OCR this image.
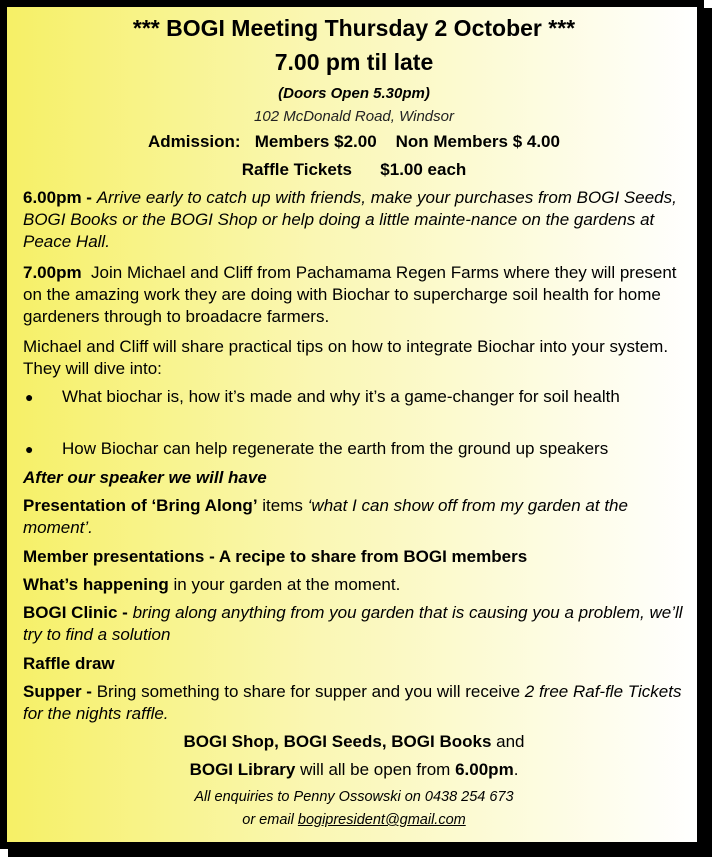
*** BOGI Meeting Thursday 2 October ***

7.00 pm til late

(Doors Open 5.30pm)

102 McDonald Road, Windsor

Admission: Members $2.00 Non Members $ 4.00

Raffle Tickets $1.00 each

6.00pm - Arrive early to catch up with friends, make your purchases from BOGI Seeds, BOGI Books or the BOGI Shop or help doing a little mainte-nance on the gardens at Peace Hall.

7.00pm Join Michael and Cliff from Pachamama Regen Farms where they will present on the amazing work they are doing with Biochar to supercharge soil health for home gardeners through to broadacre farmers.

Michael and Cliff will share practical tips on how to integrate Biochar into your system. They will dive into:

● What biochar is, how it’s made and why it’s a game-changer for soil health

● How Biochar can help regenerate the earth from the ground up speakers

After our speaker we will have

Presentation of ‘Bring Along’ items ‘what I can show off from my garden at the moment’.

Member presentations - A recipe to share from BOGI members

What’s happening in your garden at the moment.

BOGI Clinic - bring along anything from you garden that is causing you a problem, we’ll try to find a solution

Raffle draw

Supper - Bring something to share for supper and you will receive 2 free Raf-fle Tickets for the nights raffle.

BOGI Shop, BOGI Seeds, BOGI Books and

BOGI Library will all be open from 6.00pm.

All enquiries to Penny Ossowski on 0438 254 673

or email bogipresident@gmail.com
